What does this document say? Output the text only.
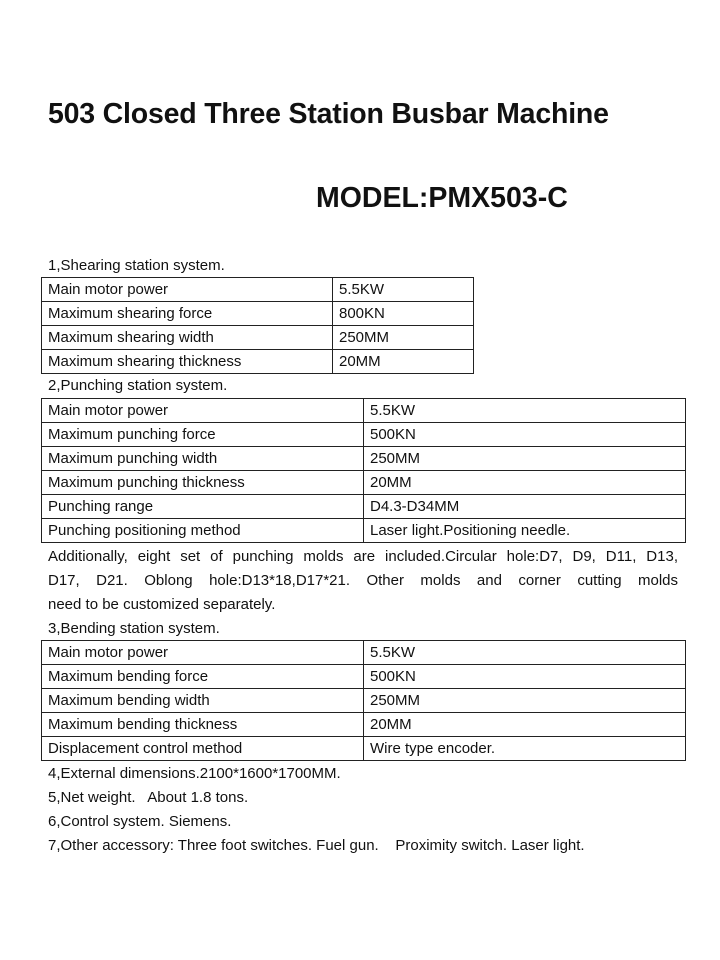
503 Closed Three Station Busbar Machine
MODEL:PMX503-C
1,Shearing station system.
Main motor power	5.5KW
Maximum shearing force	800KN
Maximum shearing width	250MM
Maximum shearing thickness	20MM
2,Punching station system.
Main motor power	5.5KW
Maximum punching force	500KN
Maximum punching width	250MM
Maximum punching thickness	20MM
Punching range	D4.3-D34MM
Punching positioning method	Laser light.Positioning needle.
Additionally, eight set of punching molds are included.Circular hole:D7, D9, D11, D13,
D17, D21. Oblong hole:D13*18,D17*21. Other molds and corner cutting molds
need to be customized separately.
3,Bending station system.
Main motor power	5.5KW
Maximum bending force	500KN
Maximum bending width	250MM
Maximum bending thickness	20MM
Displacement control method	Wire type encoder.
4,External dimensions.2100*1600*1700MM.
5,Net weight.   About 1.8 tons.
6,Control system. Siemens.
7,Other accessory: Three foot switches. Fuel gun.    Proximity switch. Laser light.
